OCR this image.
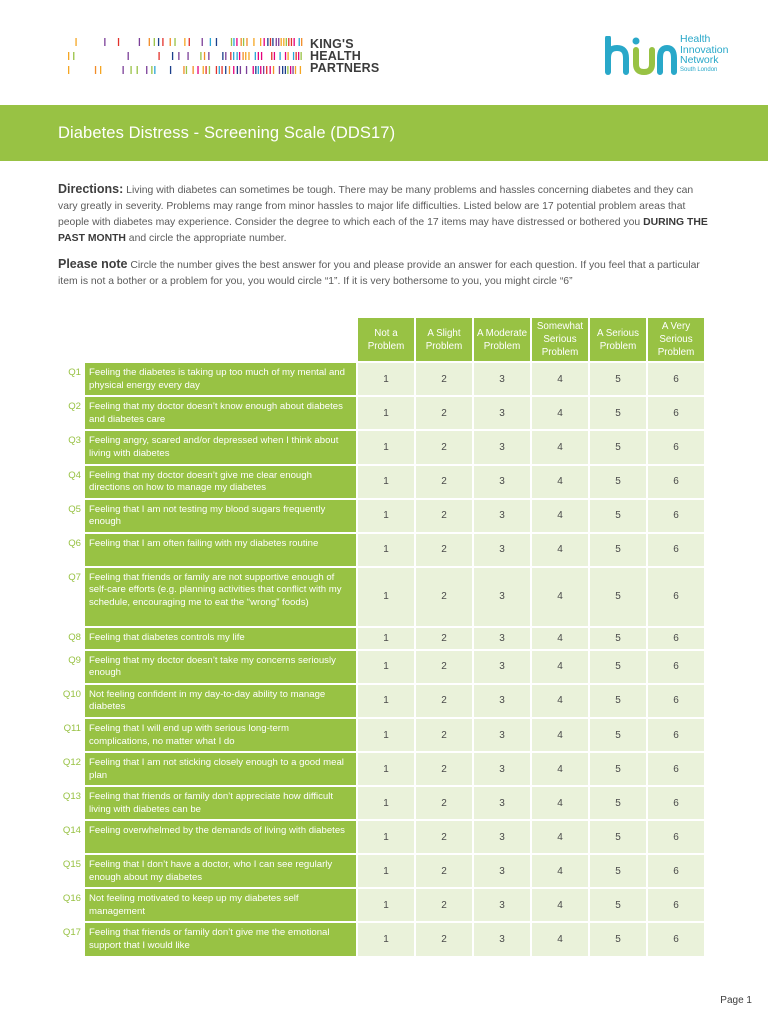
KING'S
HEALTH
PARTNERS
Health
Innovation
Network
South London
Diabetes Distress - Screening Scale (DDS17)

Directions: Living with diabetes can sometimes be tough. There may be many problems and hassles concerning diabetes and they can vary greatly in severity. Problems may range from minor hassles to major life difficulties. Listed below are 17 potential problem areas that people with diabetes may experience. Consider the degree to which each of the 17 items may have distressed or bothered you DURING THE PAST MONTH and circle the appropriate number.

Please note Circle the number gives the best answer for you and please provide an answer for each question. If you feel that a particular item is not a bother or a problem for you, you would circle “1”. If it is very bothersome to you, you might circle “6”

		Not a Problem	A Slight Problem	A Moderate Problem	Somewhat Serious Problem	A Serious Problem	A Very Serious Problem
Q1	Feeling the diabetes is taking up too much of my mental and physical energy every day	1	2	3	4	5	6
Q2	Feeling that my doctor doesn’t know enough about diabetes and diabetes care	1	2	3	4	5	6
Q3	Feeling angry, scared and/or depressed when I think about living with diabetes	1	2	3	4	5	6
Q4	Feeling that my doctor doesn’t give me clear enough directions on how to manage my diabetes	1	2	3	4	5	6
Q5	Feeling that I am not testing my blood sugars frequently enough	1	2	3	4	5	6
Q6	Feeling that I am often failing with my diabetes routine	1	2	3	4	5	6
Q7	Feeling that friends or family are not supportive enough of self-care efforts (e.g. planning activities that conflict with my schedule, encouraging me to eat the “wrong” foods)	1	2	3	4	5	6
Q8	Feeling that diabetes controls my life	1	2	3	4	5	6
Q9	Feeling that my doctor doesn’t take my concerns seriously enough	1	2	3	4	5	6
Q10	Not feeling confident in my day-to-day ability to manage diabetes	1	2	3	4	5	6
Q11	Feeling that I will end up with serious long-term complications, no matter what I do	1	2	3	4	5	6
Q12	Feeling that I am not sticking closely enough to a good meal plan	1	2	3	4	5	6
Q13	Feeling that friends or family don’t appreciate how difficult living with diabetes can be	1	2	3	4	5	6
Q14	Feeling overwhelmed by the demands of living with diabetes	1	2	3	4	5	6
Q15	Feeling that I don’t have a doctor, who I can see regularly enough about my diabetes	1	2	3	4	5	6
Q16	Not feeling motivated to keep up my diabetes self management	1	2	3	4	5	6
Q17	Feeling that friends or family don’t give me the emotional support that I would like	1	2	3	4	5	6
Page 1
